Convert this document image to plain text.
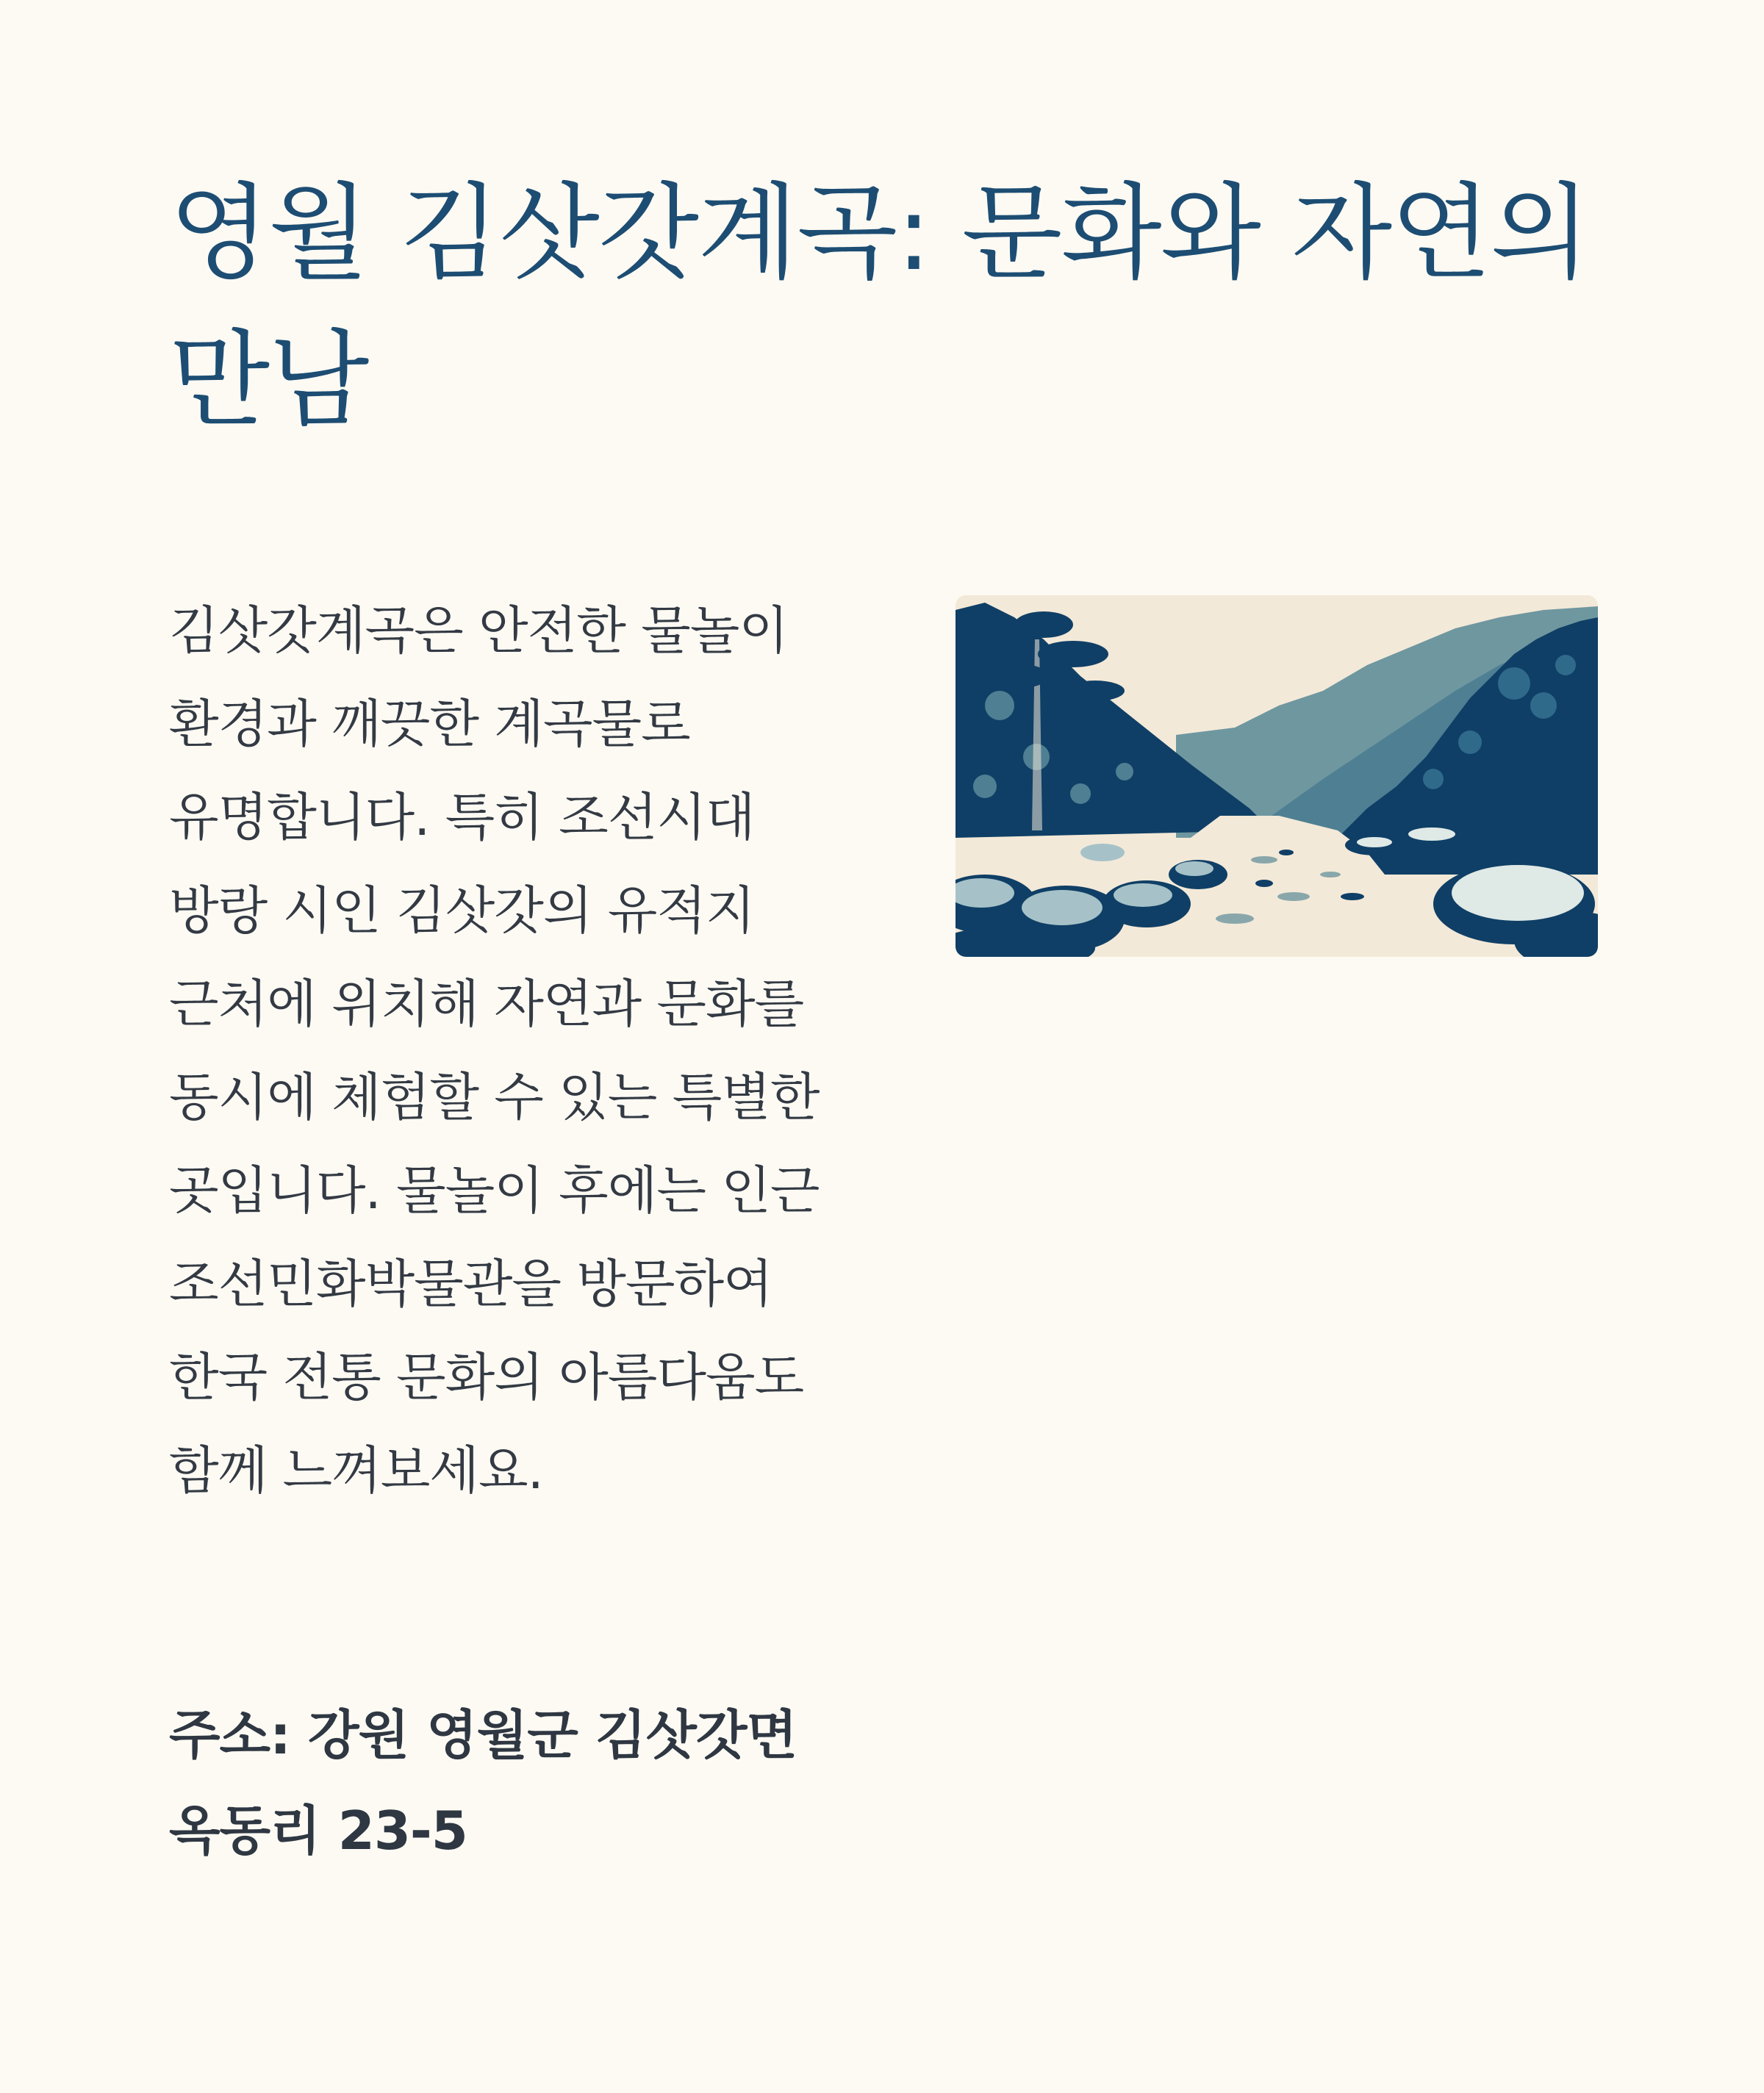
영월 김삿갓계곡: 문화와 자연의 만남

김삿갓계곡은 안전한 물놀이 환경과 깨끗한 계곡물로 유명합니다. 특히 조선시대 방랑 시인 김삿갓의 유적지 근처에 위치해 자연과 문화를 동시에 체험할 수 있는 특별한 곳입니다. 물놀이 후에는 인근 조선민화박물관을 방문하여 한국 전통 문화의 아름다움도 함께 느껴보세요.

주소: 강원 영월군 김삿갓면 옥동리 23-5
